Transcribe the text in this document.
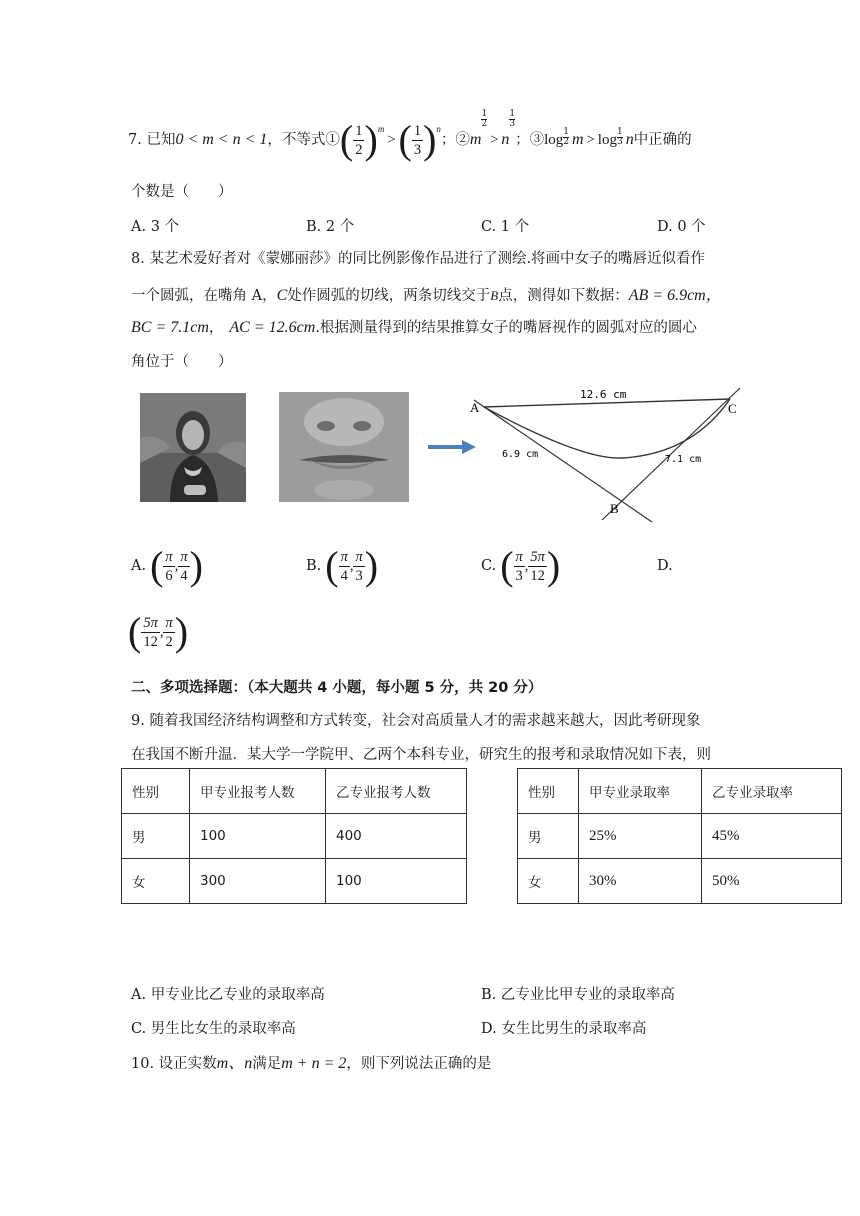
7. 已知0 < m < n < 1，不等式①( $\frac{1}{2} )^m>( \frac{1}{3} )^n$；②m
$\frac{1}{2}> n$
$\frac{1}{3}$；③log $\frac{1}{2}$ $m > \log \frac{1}{3}$ n中正确的
个数是（　　）
A. 3 个	B. 2 个	C. 1 个	D. 0 个
8. 某艺术爱好者对《蒙娜丽莎》的同比例影像作品进行了测绘.将画中女子的嘴唇近似看作
一个圆弧，在嘴角 A，C处作圆弧的切线，两条切线交于B点，测得如下数据：AB = 6.9cm，
BC = 7.1cm， AC = 12.6cm.根据测量得到的结果推算女子的嘴唇视作的圆弧对应的圆心
角位于（　　）
A	C
B
12.6 cm
6.9 cm	7.1 cm
A. ( $\frac{\pi}{6}$ , $\frac{\pi}{4}$ )	B. ( $\frac{\pi}{4}$ , $\frac{\pi}{3}$ )	C. ( $\frac{\pi}{3}$ , $\frac{5\pi}{12}$ )	D.
( $\frac{5\pi}{12}$ , $\frac{\pi}{2}$ )
二、多项选择题：（本大题共 4 小题，每小题 5 分，共 20 分）
9. 随着我国经济结构调整和方式转变，社会对高质量人才的需求越来越大，因此考研现象
在我国不断升温．某大学一学院甲、乙两个本科专业，研究生的报考和录取情况如下表，则
性别	甲专业报考人数	乙专业报考人数
男	100	400
女	300	100
性别	甲专业录取率	乙专业录取率
男	25%	45%
女	30%	50%
A. 甲专业比乙专业的录取率高	B. 乙专业比甲专业的录取率高
C. 男生比女生的录取率高	D. 女生比男生的录取率高
10. 设正实数m、n满足m + n = 2，则下列说法正确的是
